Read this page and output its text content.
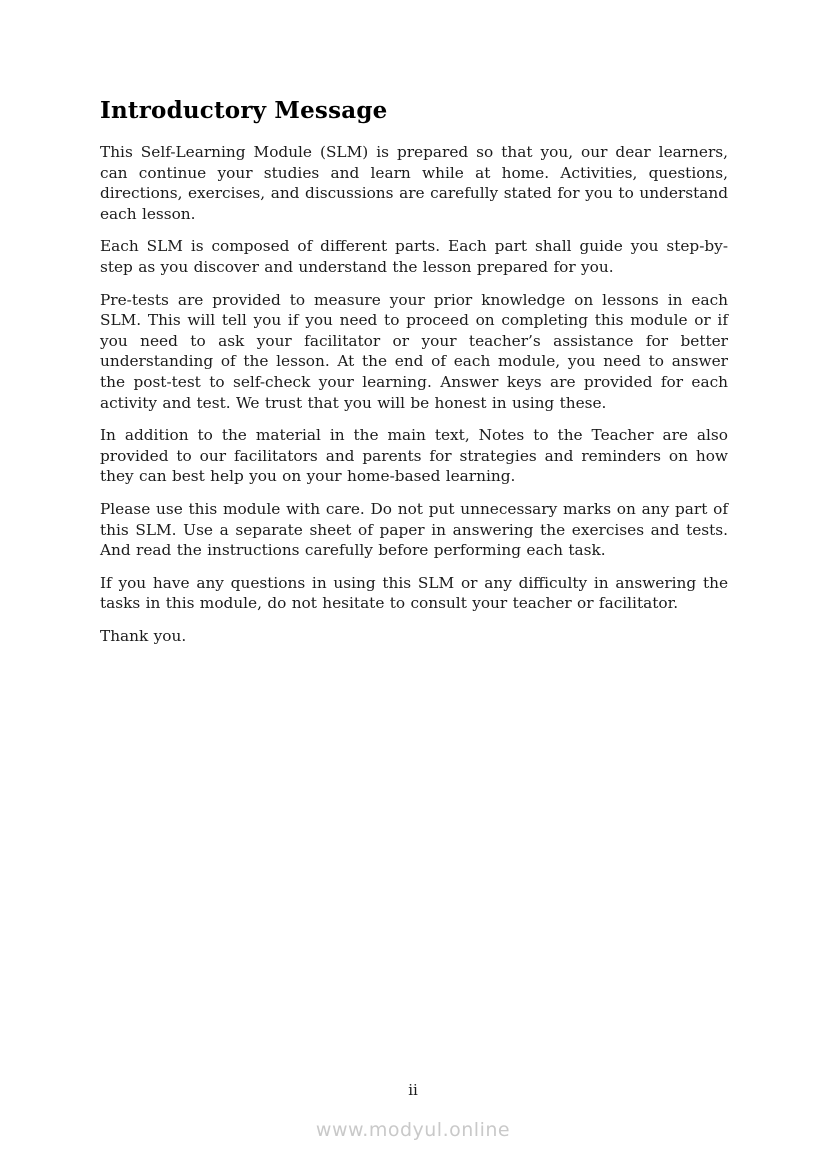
Introductory Message

This Self-Learning Module (SLM) is prepared so that you, our dear learners, can continue your studies and learn while at home. Activities, questions, directions, exercises, and discussions are carefully stated for you to understand each lesson.

Each SLM is composed of different parts. Each part shall guide you step-by-step as you discover and understand the lesson prepared for you.

Pre-tests are provided to measure your prior knowledge on lessons in each SLM. This will tell you if you need to proceed on completing this module or if you need to ask your facilitator or your teacher’s assistance for better understanding of the lesson. At the end of each module, you need to answer the post-test to self-check your learning. Answer keys are provided for each activity and test. We trust that you will be honest in using these.

In addition to the material in the main text, Notes to the Teacher are also provided to our facilitators and parents for strategies and reminders on how they can best help you on your home-based learning.

Please use this module with care. Do not put unnecessary marks on any part of this SLM. Use a separate sheet of paper in answering the exercises and tests. And read the instructions carefully before performing each task.

If you have any questions in using this SLM or any difficulty in answering the tasks in this module, do not hesitate to consult your teacher or facilitator.

Thank you.

ii
www.modyul.online
